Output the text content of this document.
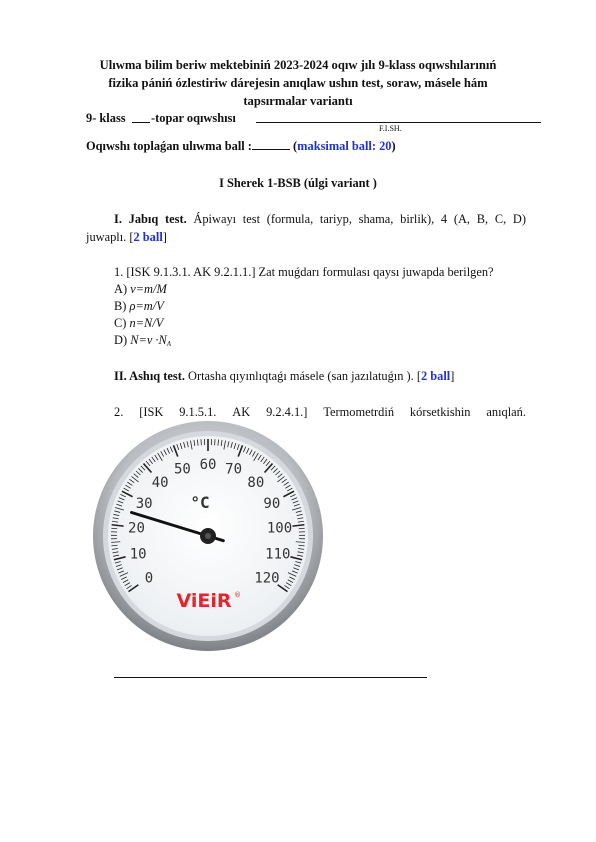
Ulıwma bilim beriw mektebiniń 2023-2024 oqıw jılı 9-klass oqıwshılarınıń
fizika pániń ózlestiriw dárejesin anıqlaw ushın test, soraw, másele hám
tapsırmalar variantı
9- klass -topar oqıwshısı
F.I.SH.
Oqıwshı toplaǵan ulıwma ball :	(maksimal ball: 20)
I Sherek 1-BSB (úlgi variant )
I. Jabıq test. Ápiwayı test (formula, tariyp, shama, birlik), 4 (A, B, C, D)
juwaplı. [2 ball]
1. [ISK 9.1.3.1. AK 9.2.1.1.] Zat muǵdarı formulası qaysı juwapda berilgen?
A) ν=m/M
B) ρ=m/V
C) n=N/V
D) N=ν ·NA
II. Ashıq test. Ortasha qıyınlıqtaǵı másele (san jazılatuǵın ). [2 ball]
2. [ISK 9.1.5.1. AK 9.2.4.1.] Termometrdiń kórsetkishin anıqlań.
0
10
20
30
40
50 60 70
80
90
100
110
120
°C
ViEiR ®
